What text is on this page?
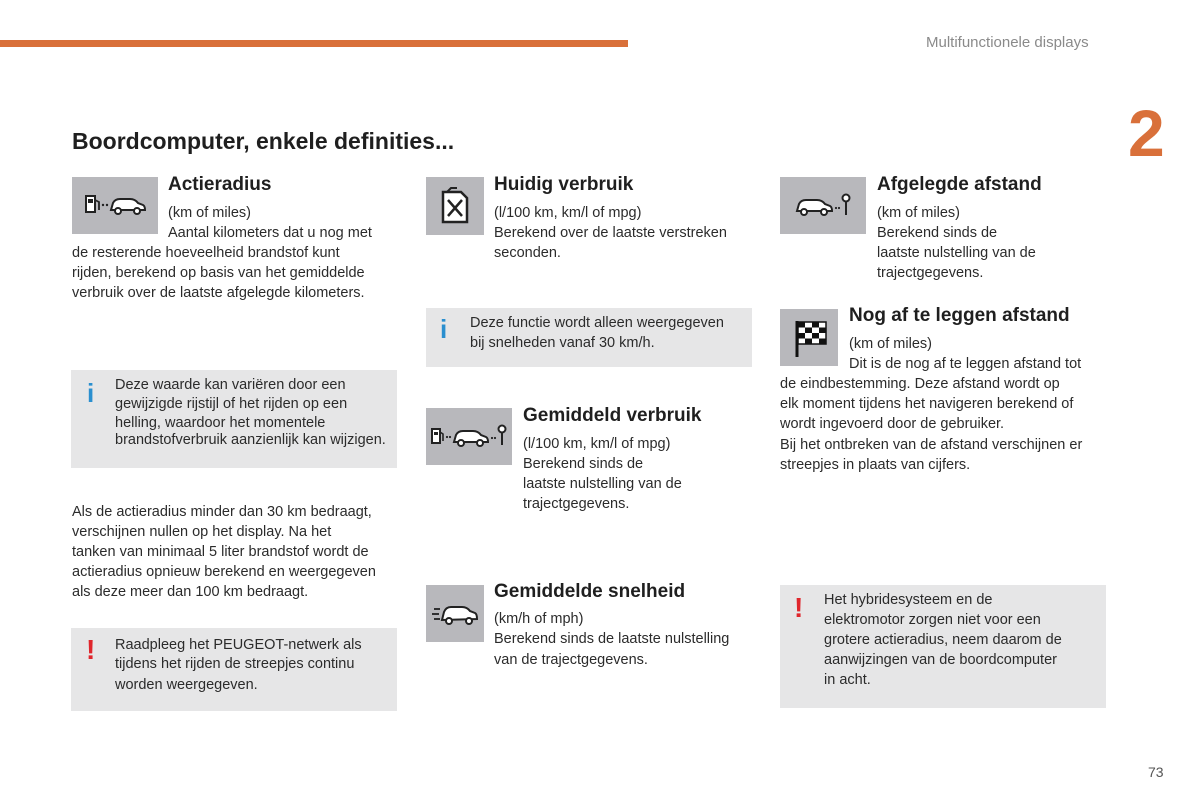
Multifunctionele displays
2
Boordcomputer, enkele definities...
Actieradius
(km of miles)
Aantal kilometers dat u nog met
de resterende hoeveelheid brandstof kunt
rijden, berekend op basis van het gemiddelde
verbruik over de laatste afgelegde kilometers.
i Deze waarde kan variëren door een
gewijzigde rijstijl of het rijden op een
helling, waardoor het momentele
brandstofverbruik aanzienlijk kan wijzigen.
Als de actieradius minder dan 30 km bedraagt,
verschijnen nullen op het display. Na het
tanken van minimaal 5 liter brandstof wordt de
actieradius opnieuw berekend en weergegeven
als deze meer dan 100 km bedraagt.
! Raadpleeg het PEUGEOT-netwerk als
tijdens het rijden de streepjes continu
worden weergegeven.
Huidig verbruik
(l/100 km, km/l of mpg)
Berekend over de laatste verstreken
seconden.
i Deze functie wordt alleen weergegeven
bij snelheden vanaf 30 km/h.
Gemiddeld verbruik
(l/100 km, km/l of mpg)
Berekend sinds de
laatste nulstelling van de
trajectgegevens.
Gemiddelde snelheid
(km/h of mph)
Berekend sinds de laatste nulstelling
van de trajectgegevens.
Afgelegde afstand
(km of miles)
Berekend sinds de
laatste nulstelling van de
trajectgegevens.
Nog af te leggen afstand
(km of miles)
Dit is de nog af te leggen afstand tot
de eindbestemming. Deze afstand wordt op
elk moment tijdens het navigeren berekend of
wordt ingevoerd door de gebruiker.
Bij het ontbreken van de afstand verschijnen er
streepjes in plaats van cijfers.
! Het hybridesysteem en de
elektromotor zorgen niet voor een
grotere actieradius, neem daarom de
aanwijzingen van de boordcomputer
in acht.
73
